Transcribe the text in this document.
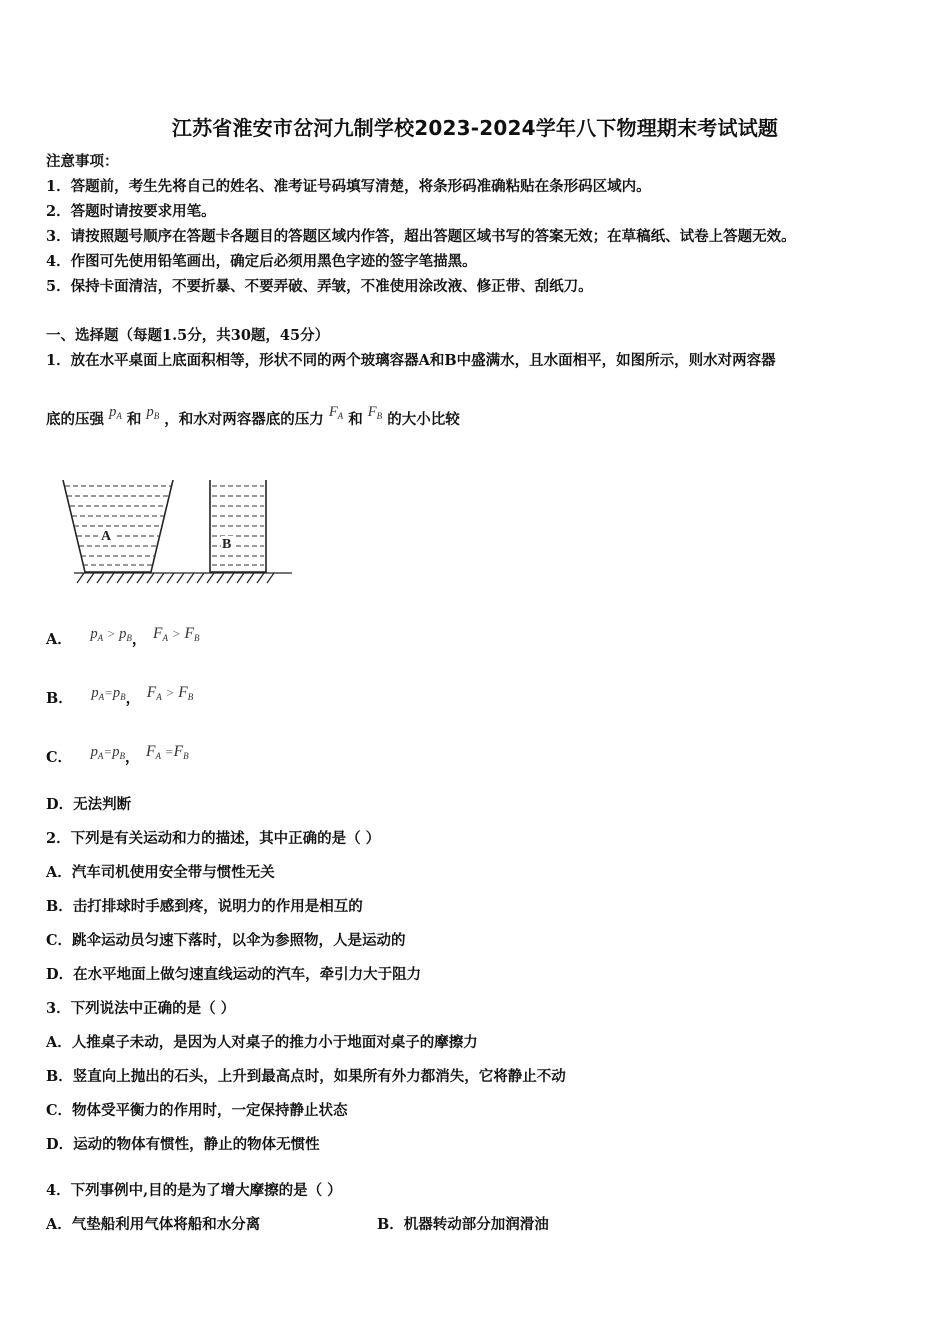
江苏省淮安市岔河九制学校2023-2024学年八下物理期末考试试题
注意事项：
1．答题前，考生先将自己的姓名、准考证号码填写清楚，将条形码准确粘贴在条形码区域内。
2．答题时请按要求用笔。
3．请按照题号顺序在答题卡各题目的答题区域内作答，超出答题区域书写的答案无效；在草稿纸、试卷上答题无效。
4．作图可先使用铅笔画出，确定后必须用黑色字迹的签字笔描黑。
5．保持卡面清洁，不要折暴、不要弄破、弄皱，不准使用涂改液、修正带、刮纸刀。
一、选择题（每题1.5分，共30题，45分）
1．放在水平桌面上底面积相等，形状不同的两个玻璃容器A和B中盛满水，且水面相平，如图所示，则水对两容器
底的压强 $p_A$ 和 $p_B$ ，和水对两容器底的压力 $F_A$ 和 $F_B$ 的大小比较
A
B
A． $p_A > p_B$， $F_A > F_B$
B． $p_A=p_B$， $F_A > F_B$
C． $p_A=p_B$， $F_A =F_B$
D．无法判断
2．下列是有关运动和力的描述，其中正确的是（ ）
A．汽车司机使用安全带与惯性无关
B．击打排球时手感到疼，说明力的作用是相互的
C．跳伞运动员匀速下落时，以伞为参照物，人是运动的
D．在水平地面上做匀速直线运动的汽车，牵引力大于阻力
3．下列说法中正确的是（ ）
A．人推桌子未动，是因为人对桌子的推力小于地面对桌子的摩擦力
B．竖直向上抛出的石头，上升到最高点时，如果所有外力都消失，它将静止不动
C．物体受平衡力的作用时，一定保持静止状态
D．运动的物体有惯性，静止的物体无惯性
4．下列事例中,目的是为了增大摩擦的是（ ）
A．气垫船利用气体将船和水分离	B．机器转动部分加润滑油
